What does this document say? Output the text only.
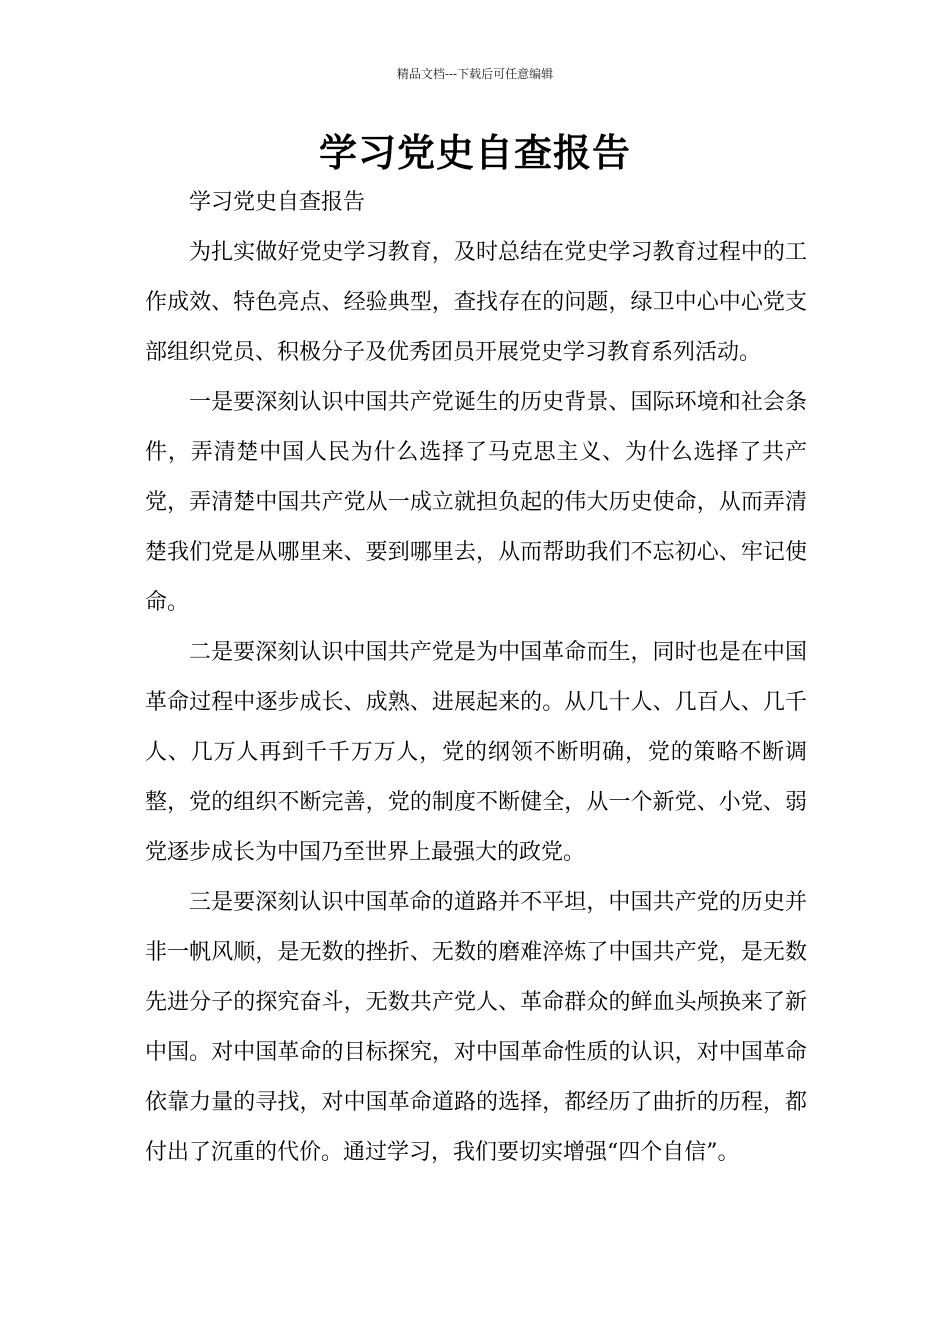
精品文档---下载后可任意编辑
学习党史自查报告

学习党史自查报告

为扎实做好党史学习教育，及时总结在党史学习教育过程中的工作成效、特色亮点、经验典型，查找存在的问题，绿卫中心中心党支部组织党员、积极分子及优秀团员开展党史学习教育系列活动。

一是要深刻认识中国共产党诞生的历史背景、国际环境和社会条件，弄清楚中国人民为什么选择了马克思主义、为什么选择了共产党，弄清楚中国共产党从一成立就担负起的伟大历史使命，从而弄清楚我们党是从哪里来、要到哪里去，从而帮助我们不忘初心、牢记使命。

二是要深刻认识中国共产党是为中国革命而生，同时也是在中国革命过程中逐步成长、成熟、进展起来的。从几十人、几百人、几千人、几万人再到千千万万人，党的纲领不断明确，党的策略不断调整，党的组织不断完善，党的制度不断健全，从一个新党、小党、弱党逐步成长为中国乃至世界上最强大的政党。

三是要深刻认识中国革命的道路并不平坦，中国共产党的历史并非一帆风顺，是无数的挫折、无数的磨难淬炼了中国共产党，是无数先进分子的探究奋斗，无数共产党人、革命群众的鲜血头颅换来了新中国。对中国革命的目标探究，对中国革命性质的认识，对中国革命依靠力量的寻找，对中国革命道路的选择，都经历了曲折的历程，都付出了沉重的代价。通过学习，我们要切实增强“四个自信”。
